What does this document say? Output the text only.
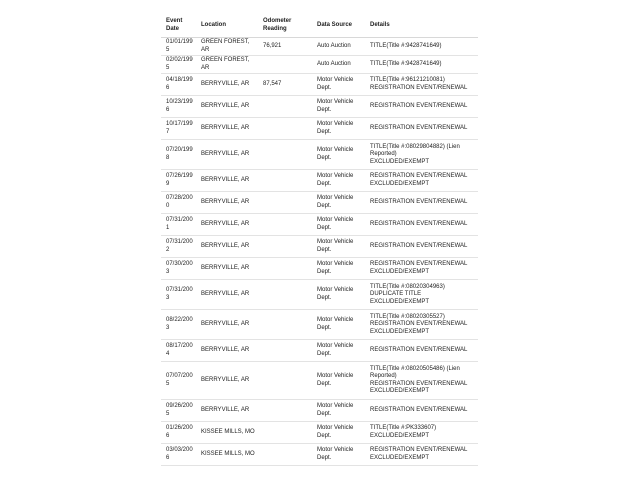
Event Date	Location	Odometer Reading	Data Source	Details
01/01/1995	GREEN FOREST, AR	76,921	Auto Auction	TITLE(Title #:9428741649)

02/02/1995	GREEN FOREST, AR		Auto Auction	TITLE(Title #:9428741649)

04/18/1996	BERRYVILLE, AR	87,547	Motor Vehicle Dept.	TITLE(Title #:96121210081)
REGISTRATION EVENT/RENEWAL

10/23/1996	BERRYVILLE, AR		Motor Vehicle Dept.	REGISTRATION EVENT/RENEWAL

10/17/1997	BERRYVILLE, AR		Motor Vehicle Dept.	REGISTRATION EVENT/RENEWAL

07/20/1998	BERRYVILLE, AR		Motor Vehicle Dept.	TITLE(Title #:08029804882) (Lien Reported)
EXCLUDED/EXEMPT

07/26/1999	BERRYVILLE, AR		Motor Vehicle Dept.	REGISTRATION EVENT/RENEWAL
EXCLUDED/EXEMPT

07/28/2000	BERRYVILLE, AR		Motor Vehicle Dept.	REGISTRATION EVENT/RENEWAL

07/31/2001	BERRYVILLE, AR		Motor Vehicle Dept.	REGISTRATION EVENT/RENEWAL

07/31/2002	BERRYVILLE, AR		Motor Vehicle Dept.	REGISTRATION EVENT/RENEWAL

07/30/2003	BERRYVILLE, AR		Motor Vehicle Dept.	REGISTRATION EVENT/RENEWAL
EXCLUDED/EXEMPT

07/31/2003	BERRYVILLE, AR		Motor Vehicle Dept.	TITLE(Title #:08020304963)
DUPLICATE TITLE
EXCLUDED/EXEMPT

08/22/2003	BERRYVILLE, AR		Motor Vehicle Dept.	TITLE(Title #:08020305527)
REGISTRATION EVENT/RENEWAL
EXCLUDED/EXEMPT

08/17/2004	BERRYVILLE, AR		Motor Vehicle Dept.	REGISTRATION EVENT/RENEWAL

07/07/2005	BERRYVILLE, AR		Motor Vehicle Dept.	TITLE(Title #:08020505486) (Lien Reported)
REGISTRATION EVENT/RENEWAL
EXCLUDED/EXEMPT

09/26/2005	BERRYVILLE, AR		Motor Vehicle Dept.	REGISTRATION EVENT/RENEWAL

01/26/2006	KISSEE MILLS, MO		Motor Vehicle Dept.	TITLE(Title #:PK333607)
EXCLUDED/EXEMPT

03/03/2006	KISSEE MILLS, MO		Motor Vehicle Dept.	REGISTRATION EVENT/RENEWAL
EXCLUDED/EXEMPT
